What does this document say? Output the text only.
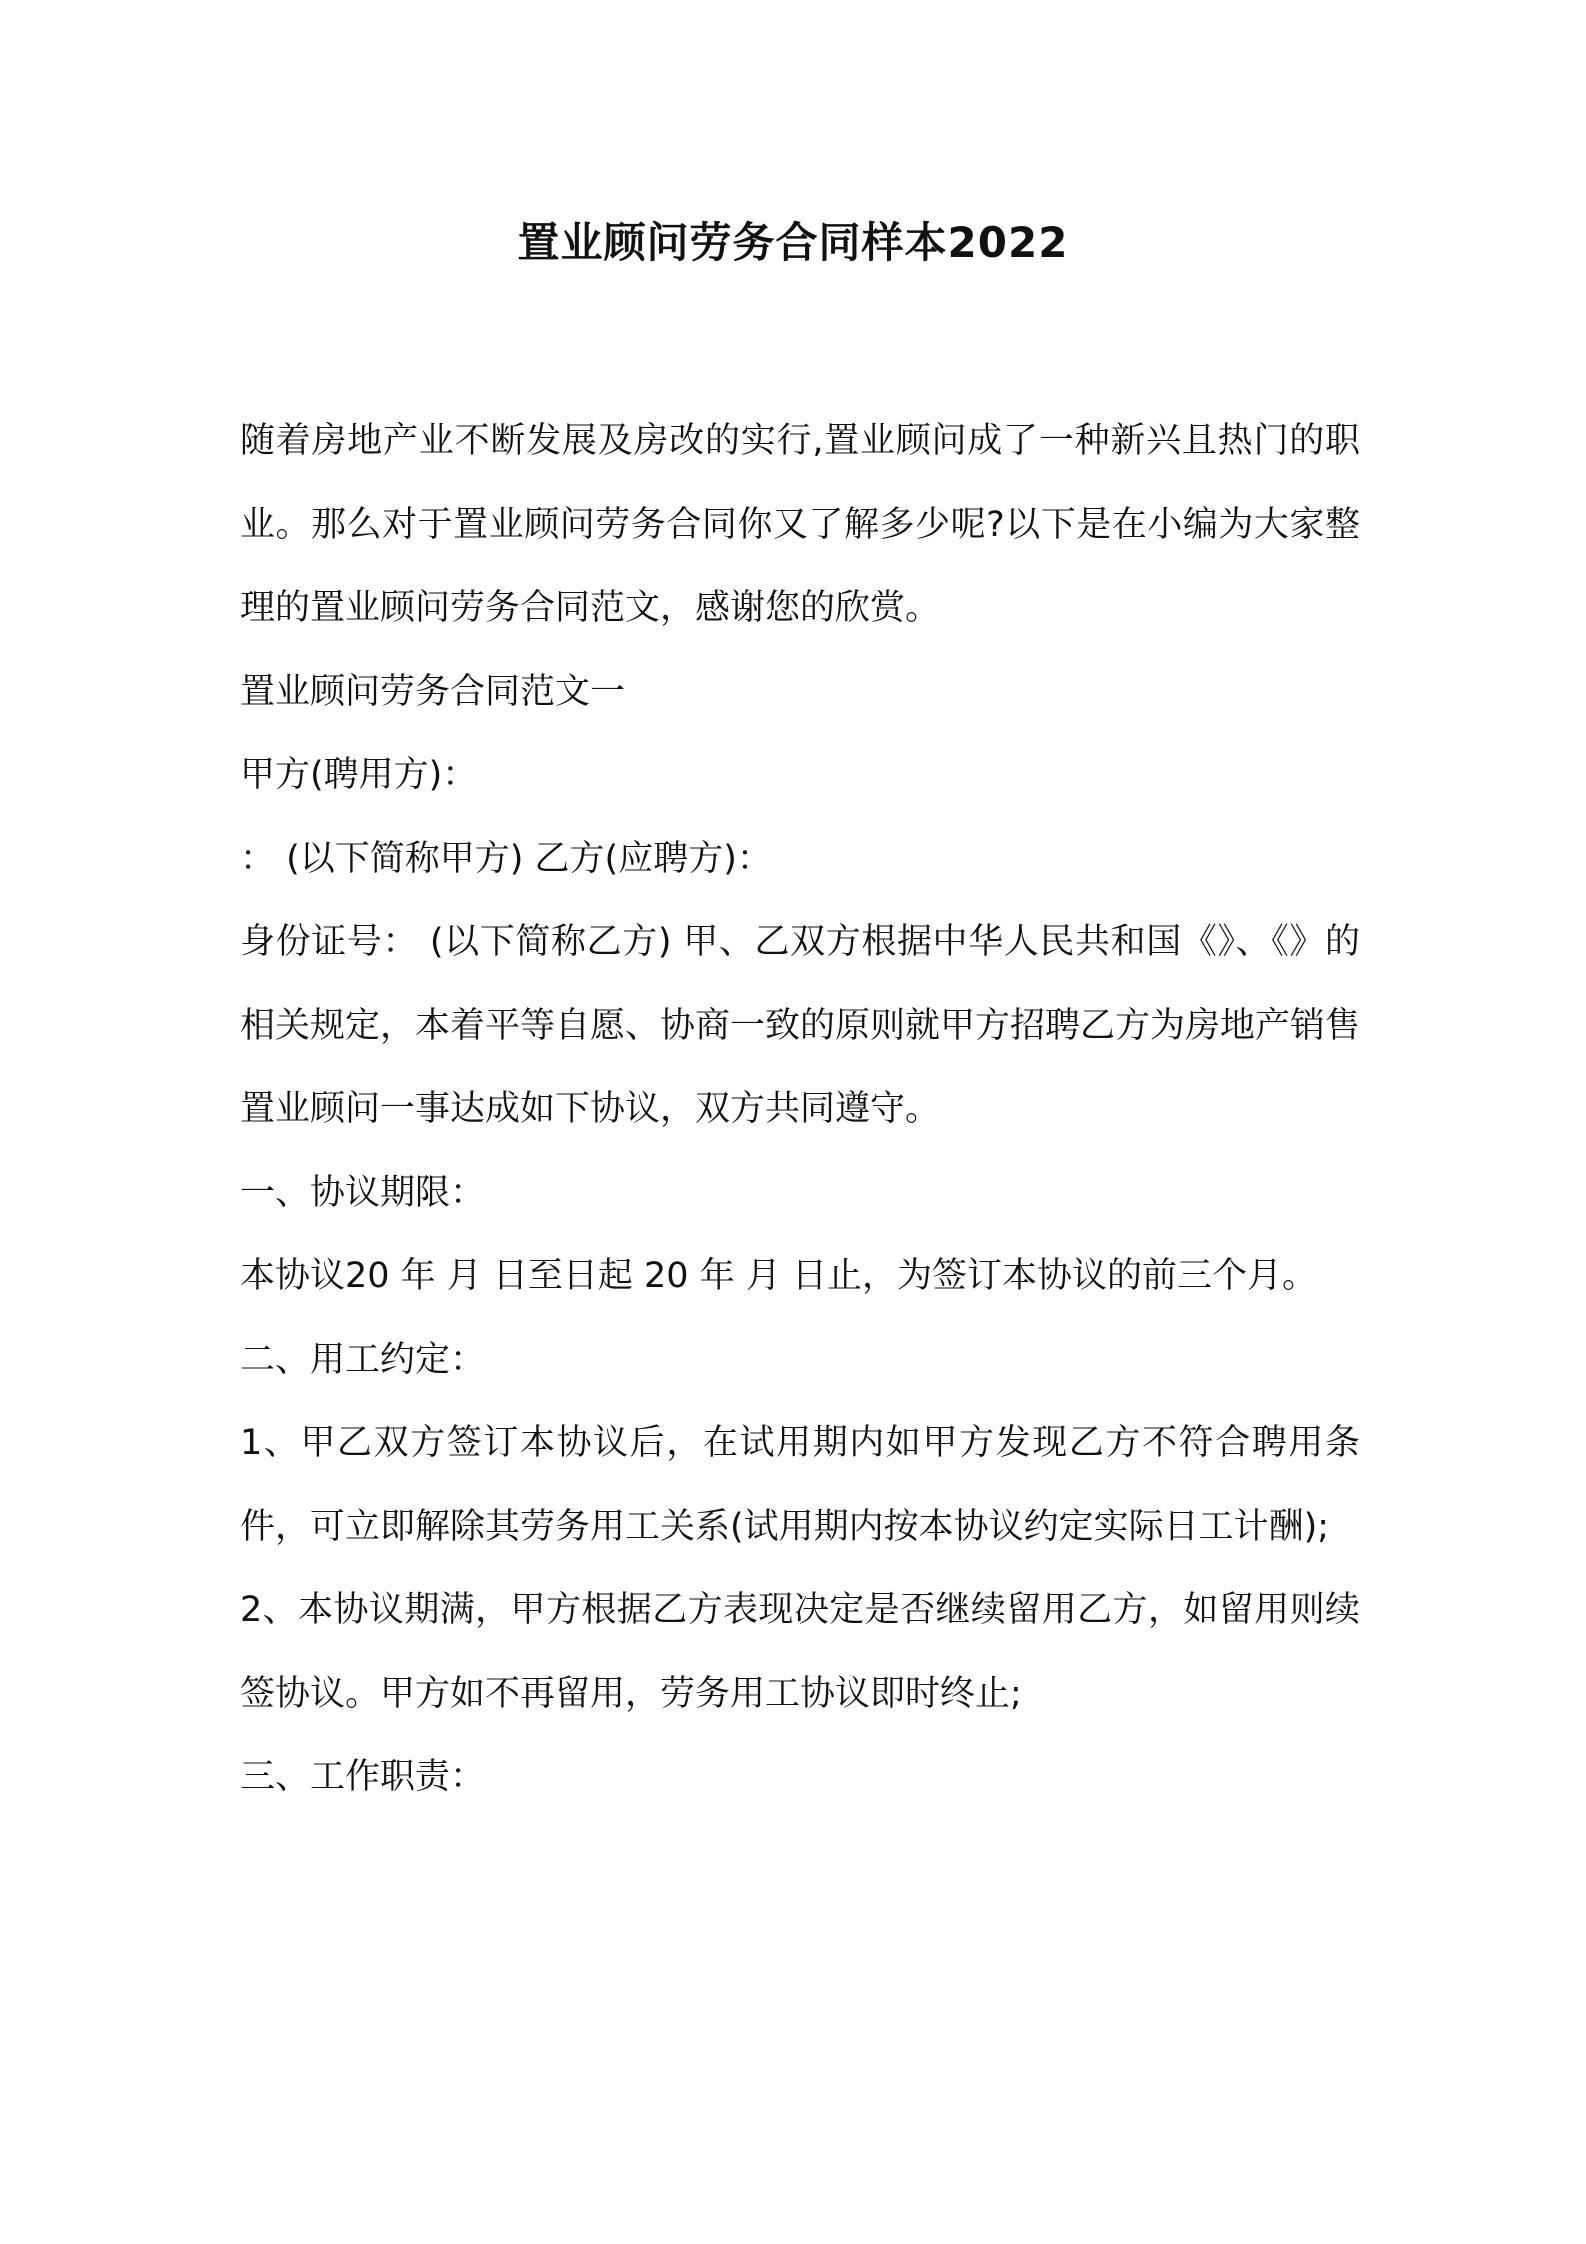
置业顾问劳务合同样本2022

随着房地产业不断发展及房改的实行,置业顾问成了一种新兴且热门的职业。那么对于置业顾问劳务合同你又了解多少呢?以下是在小编为大家整理的置业顾问劳务合同范文，感谢您的欣赏。

置业顾问劳务合同范文一

甲方(聘用方)：

： (以下简称甲方) 乙方(应聘方)：

身份证号： (以下简称乙方) 甲、乙双方根据中华人民共和国《》、《》的相关规定，本着平等自愿、协商一致的原则就甲方招聘乙方为房地产销售置业顾问一事达成如下协议，双方共同遵守。

一、协议期限：

本协议20 年 月 日至日起 20 年 月 日止，为签订本协议的前三个月。

二、用工约定：

1、甲乙双方签订本协议后，在试用期内如甲方发现乙方不符合聘用条件，可立即解除其劳务用工关系(试用期内按本协议约定实际日工计酬);

2、本协议期满，甲方根据乙方表现决定是否继续留用乙方，如留用则续签协议。甲方如不再留用，劳务用工协议即时终止;

三、工作职责：
